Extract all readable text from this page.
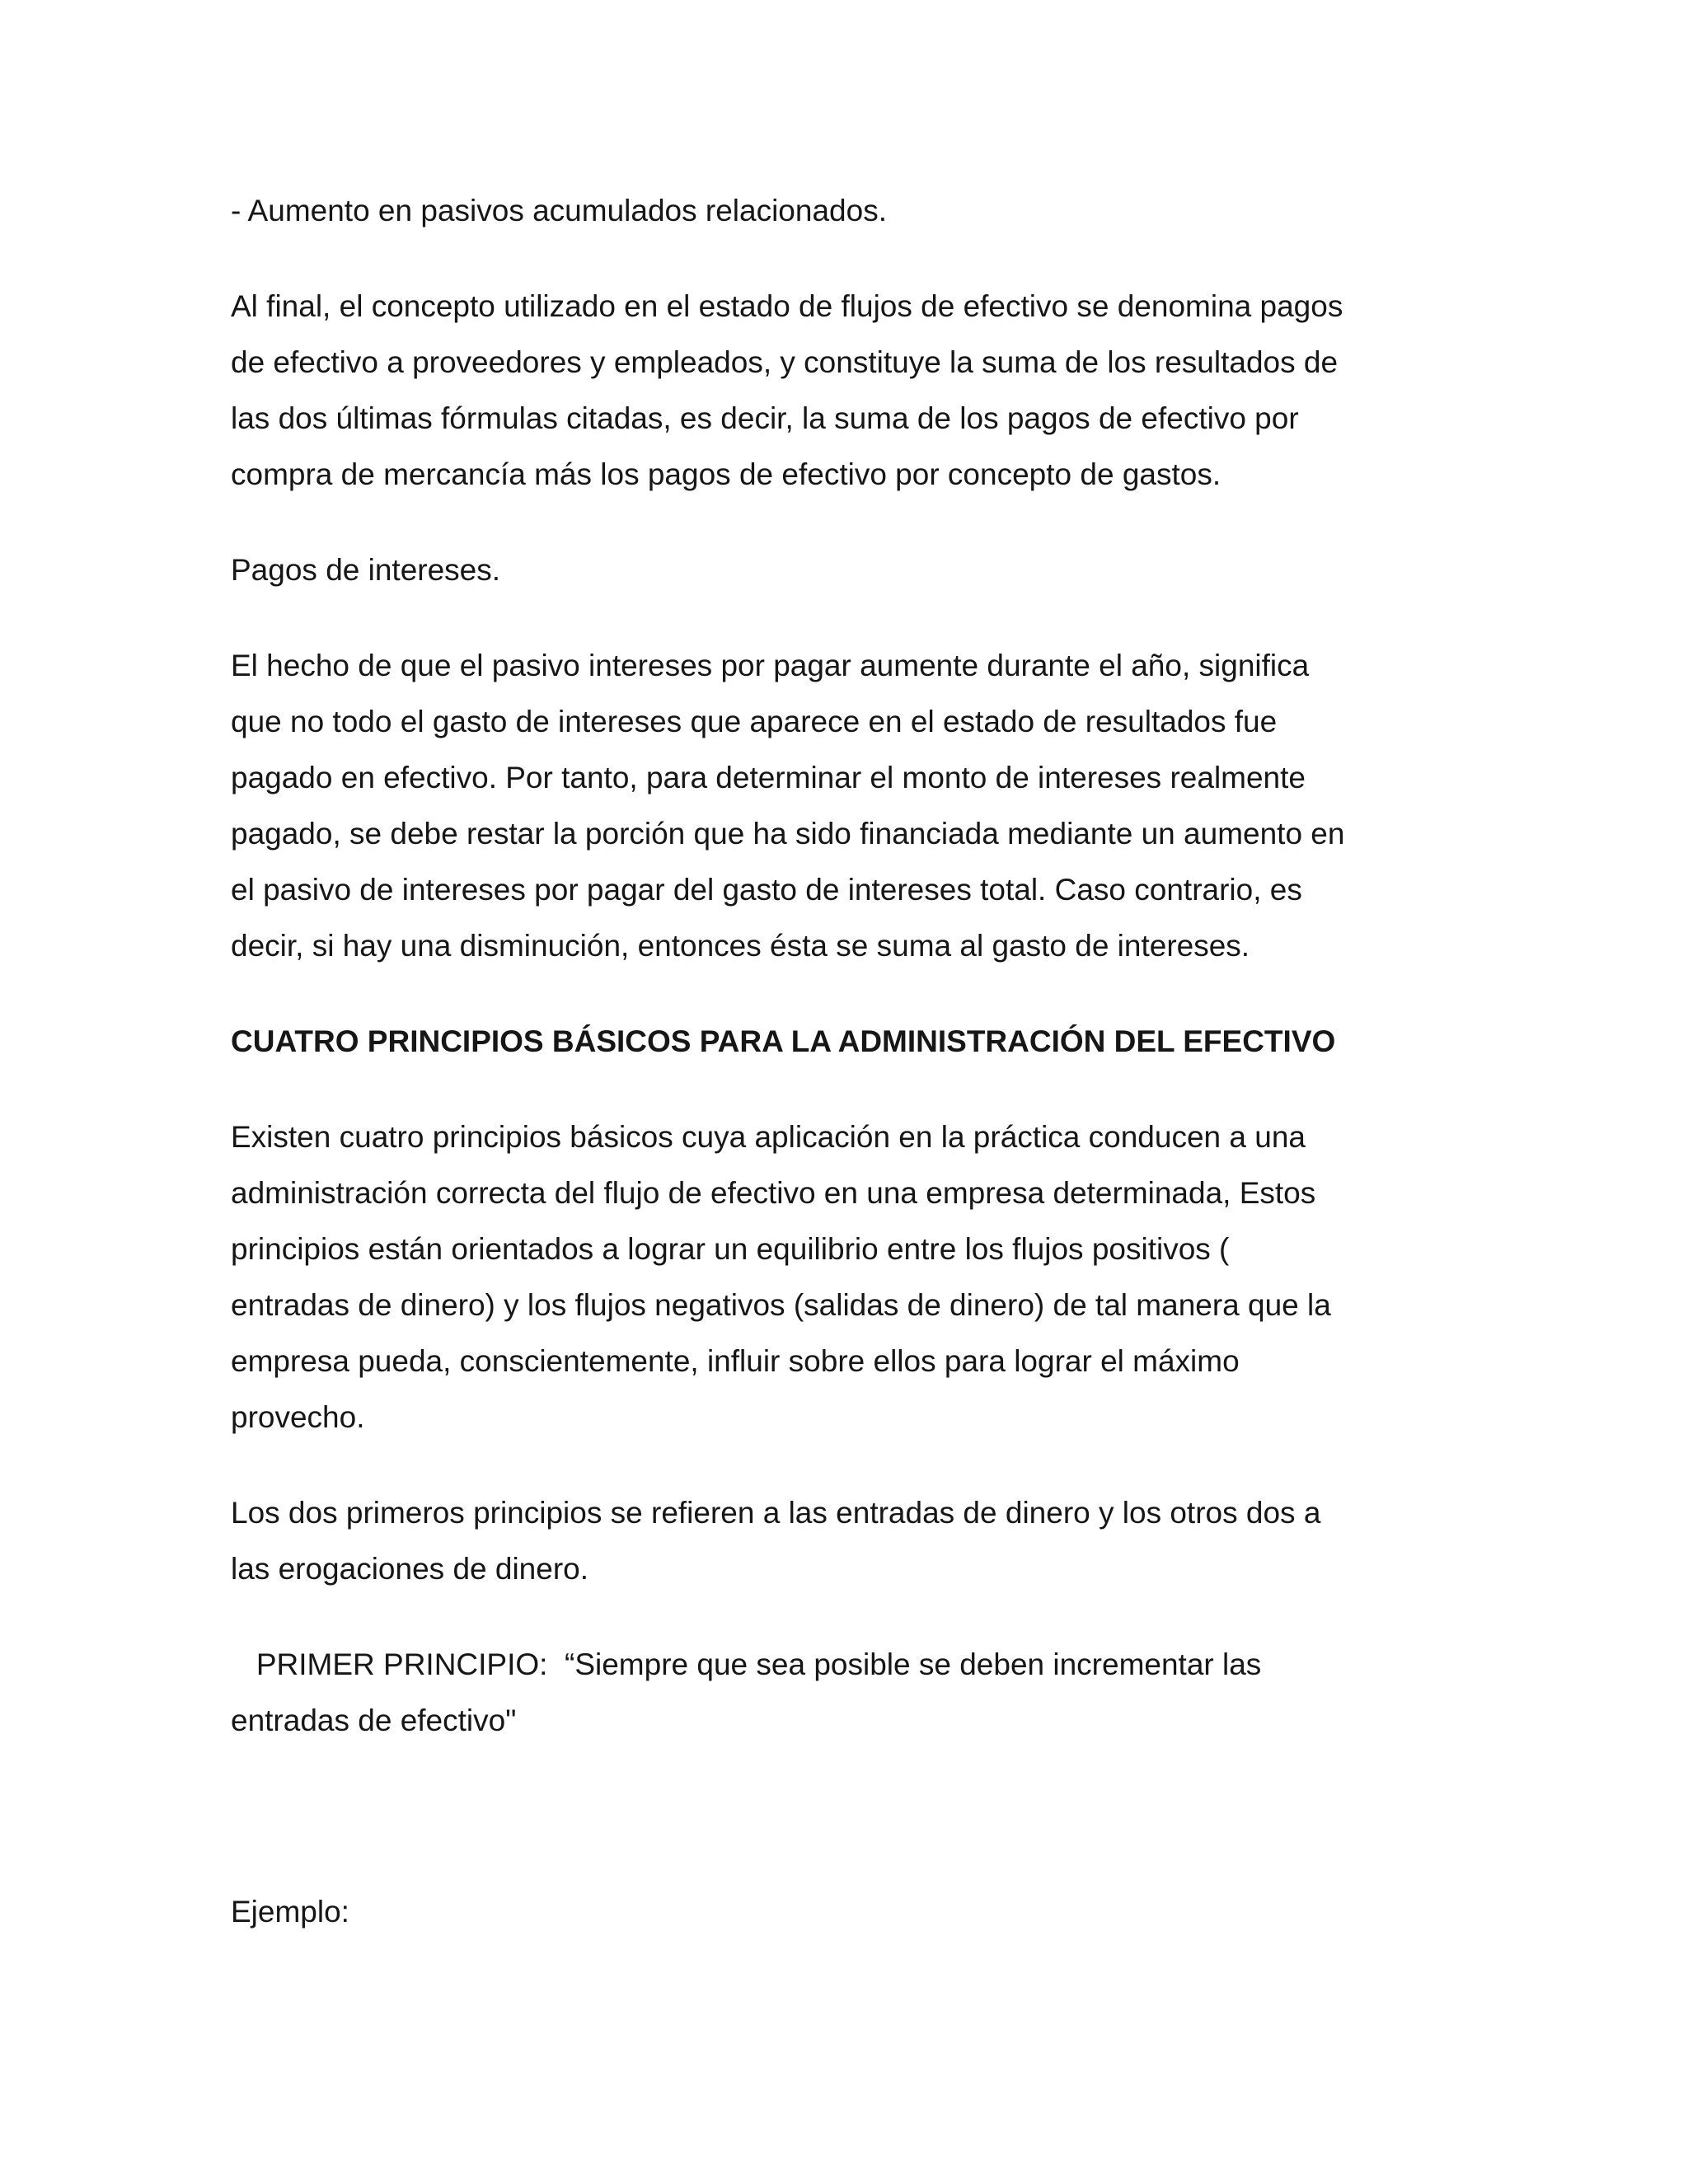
- Aumento en pasivos acumulados relacionados.

Al final, el concepto utilizado en el estado de flujos de efectivo se denomina pagos

de efectivo a proveedores y empleados, y constituye la suma de los resultados de

las dos últimas fórmulas citadas, es decir, la suma de los pagos de efectivo por

compra de mercancía más los pagos de efectivo por concepto de gastos.

Pagos de intereses.

El hecho de que el pasivo intereses por pagar aumente durante el año, significa

que no todo el gasto de intereses que aparece en el estado de resultados fue

pagado en efectivo. Por tanto, para determinar el monto de intereses realmente

pagado, se debe restar la porción que ha sido financiada mediante un aumento en

el pasivo de intereses por pagar del gasto de intereses total. Caso contrario, es

decir, si hay una disminución, entonces ésta se suma al gasto de intereses.

CUATRO PRINCIPIOS BÁSICOS PARA LA ADMINISTRACIÓN DEL EFECTIVO

Existen cuatro principios básicos cuya aplicación en la práctica conducen a una

administración correcta del flujo de efectivo en una empresa determinada, Estos

principios están orientados a lograr un equilibrio entre los flujos positivos (

entradas de dinero) y los flujos negativos (salidas de dinero) de tal manera que la

empresa pueda, conscientemente, influir sobre ellos para lograr el máximo

provecho.

Los dos primeros principios se refieren a las entradas de dinero y los otros dos a

las erogaciones de dinero.

PRIMER PRINCIPIO:  “Siempre que sea posible se deben incrementar las

entradas de efectivo"

Ejemplo:
